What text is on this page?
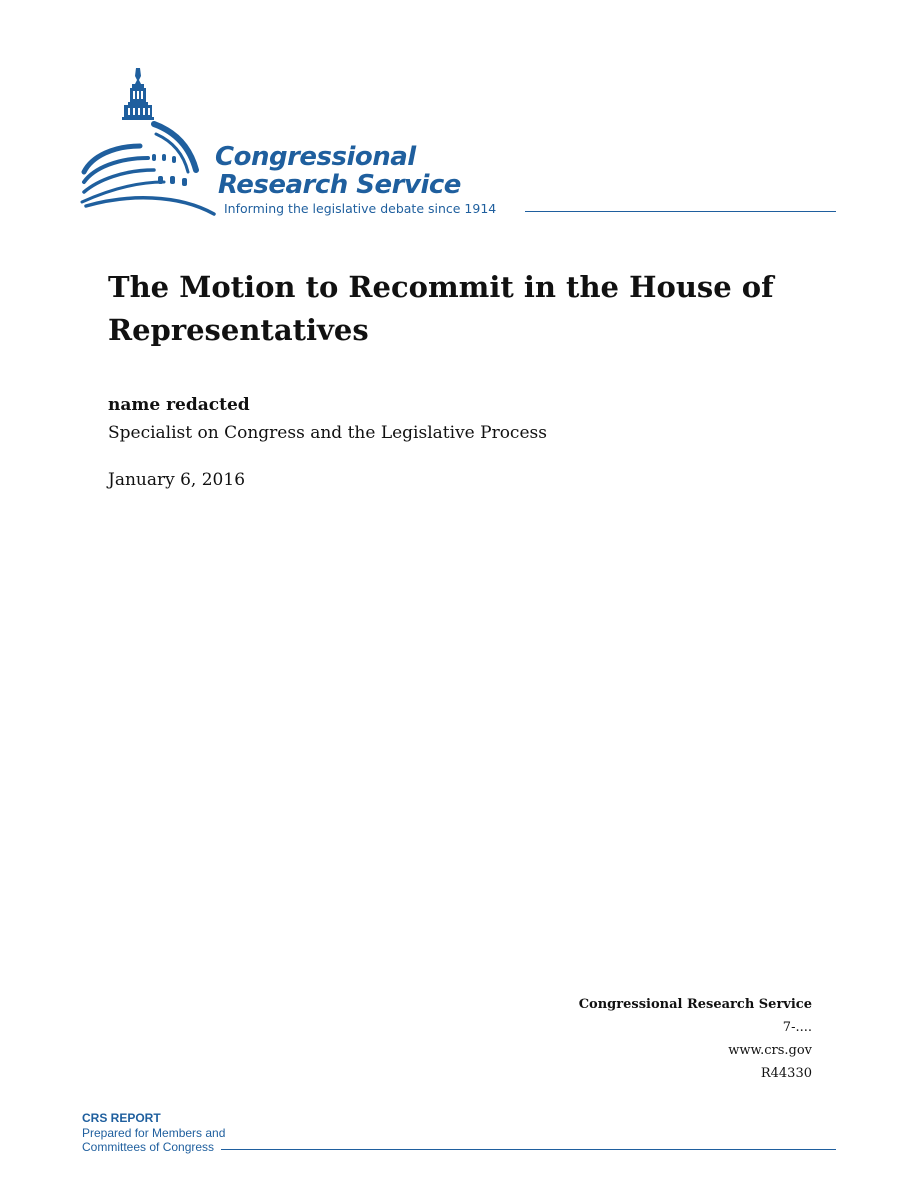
Congressional
Research Service
Informing the legislative debate since 1914
The Motion to Recommit in the House of Representatives
name redacted
Specialist on Congress and the Legislative Process
January 6, 2016
Congressional Research Service
7-....
www.crs.gov
R44330
CRS REPORT
Prepared for Members and
Committees of Congress
